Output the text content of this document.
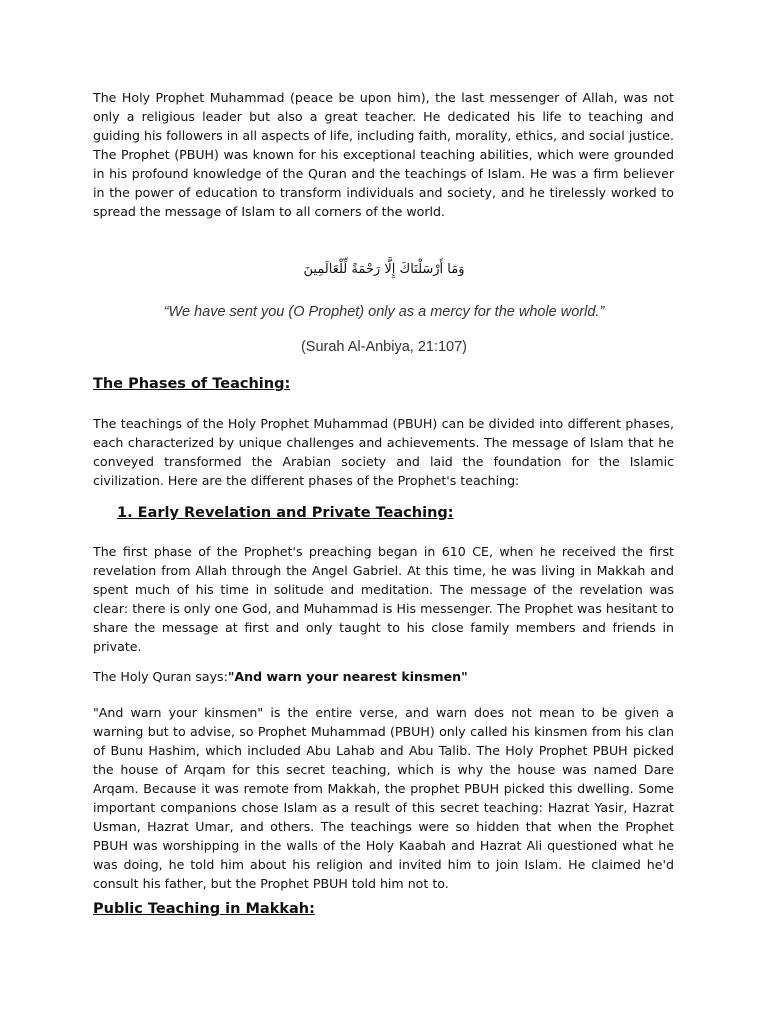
The Holy Prophet Muhammad (peace be upon him), the last messenger of Allah, was not only a religious leader but also a great teacher. He dedicated his life to teaching and guiding his followers in all aspects of life, including faith, morality, ethics, and social justice. The Prophet (PBUH) was known for his exceptional teaching abilities, which were grounded in his profound knowledge of the Quran and the teachings of Islam. He was a firm believer in the power of education to transform individuals and society, and he tirelessly worked to spread the message of Islam to all corners of the world.

وَمَا أَرْسَلْنَاكَ إِلَّا رَحْمَةً لِّلْعَالَمِينَ
“We have sent you (O Prophet) only as a mercy for the whole world.”
(Surah Al-Anbiya, 21:107)
The Phases of Teaching:

The teachings of the Holy Prophet Muhammad (PBUH) can be divided into different phases, each characterized by unique challenges and achievements. The message of Islam that he conveyed transformed the Arabian society and laid the foundation for the Islamic civilization. Here are the different phases of the Prophet's teaching:

1. Early Revelation and Private Teaching:

The first phase of the Prophet's preaching began in 610 CE, when he received the first revelation from Allah through the Angel Gabriel. At this time, he was living in Makkah and spent much of his time in solitude and meditation. The message of the revelation was clear: there is only one God, and Muhammad is His messenger. The Prophet was hesitant to share the message at first and only taught to his close family members and friends in private.

The Holy Quran says:"And warn your nearest kinsmen"

"And warn your kinsmen" is the entire verse, and warn does not mean to be given a warning but to advise, so Prophet Muhammad (PBUH) only called his kinsmen from his clan of Bunu Hashim, which included Abu Lahab and Abu Talib. The Holy Prophet PBUH picked the house of Arqam for this secret teaching, which is why the house was named Dare Arqam. Because it was remote from Makkah, the prophet PBUH picked this dwelling. Some important companions chose Islam as a result of this secret teaching: Hazrat Yasir, Hazrat Usman, Hazrat Umar, and others. The teachings were so hidden that when the Prophet PBUH was worshipping in the walls of the Holy Kaabah and Hazrat Ali questioned what he was doing, he told him about his religion and invited him to join Islam. He claimed he'd consult his father, but the Prophet PBUH told him not to.

Public Teaching in Makkah:
